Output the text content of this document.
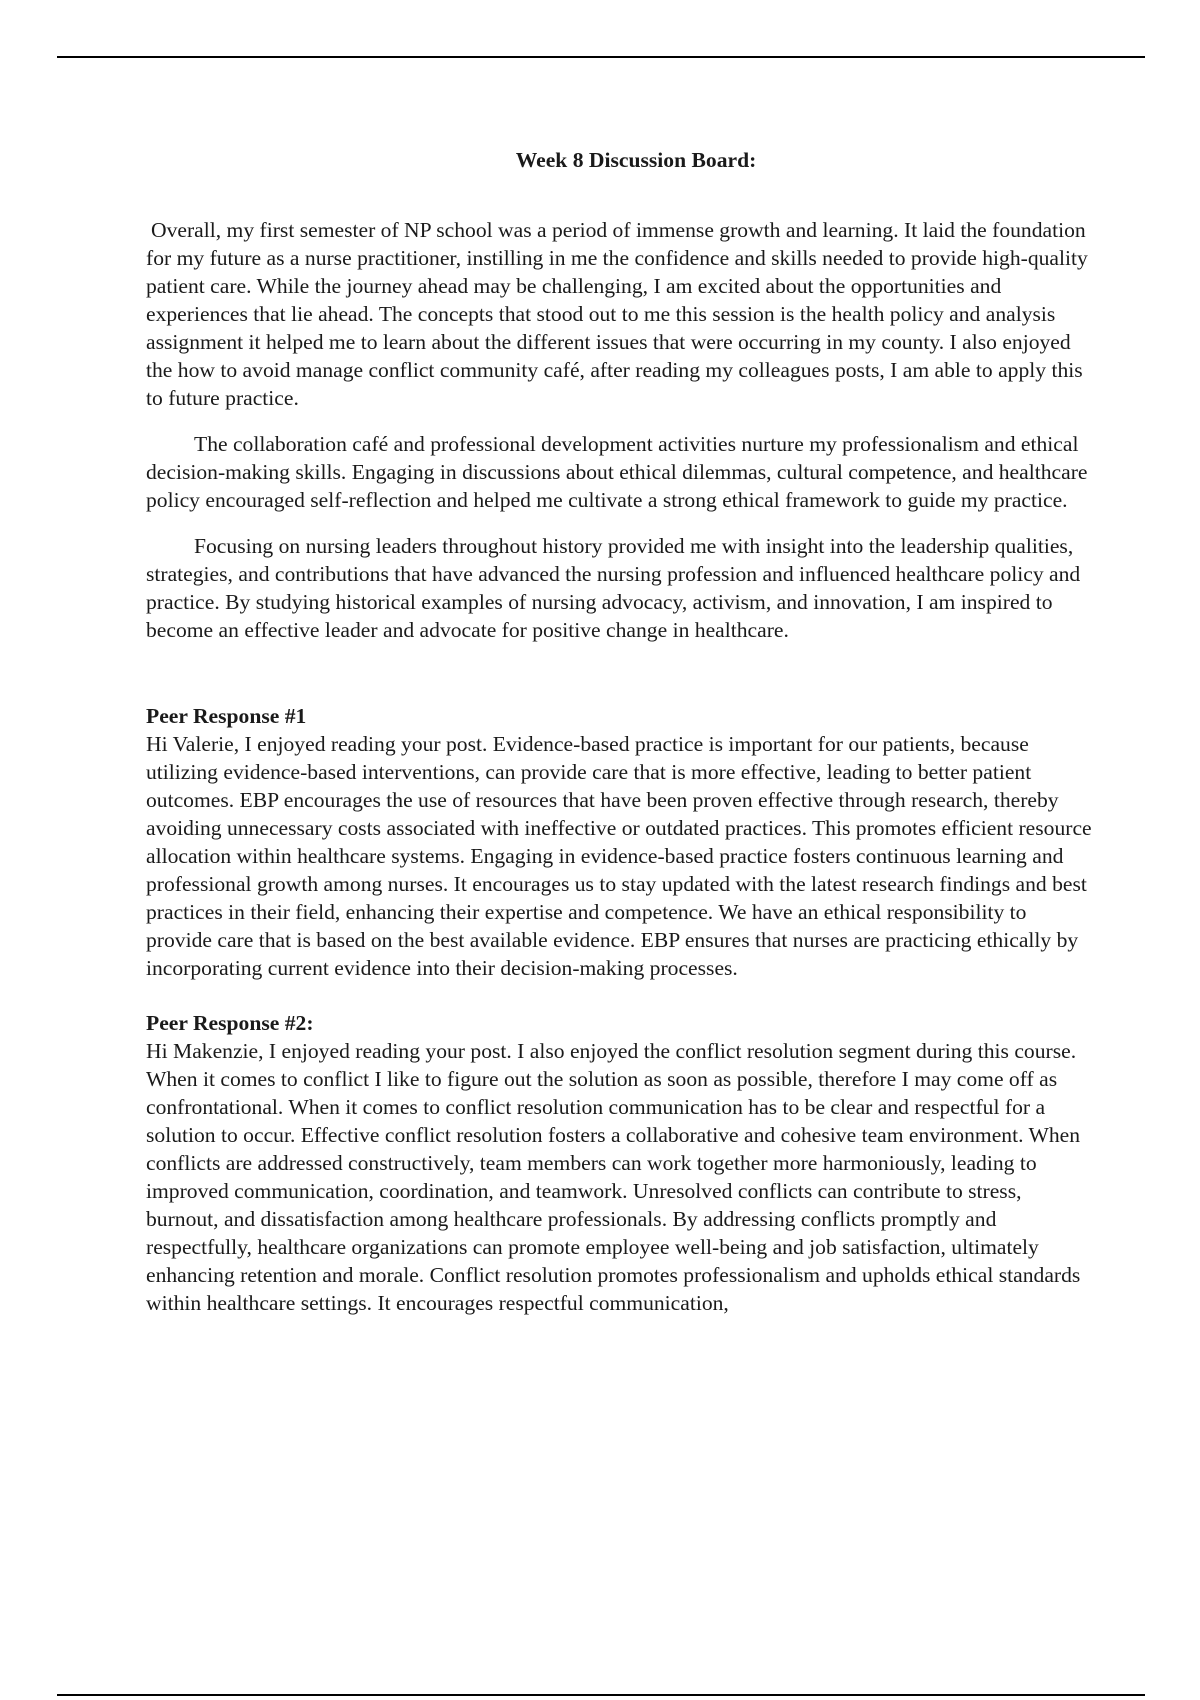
Week 8 Discussion Board:

Overall, my first semester of NP school was a period of immense growth and learning. It laid the foundation for my future as a nurse practitioner, instilling in me the confidence and skills needed to provide high-quality patient care. While the journey ahead may be challenging, I am excited about the opportunities and experiences that lie ahead. The concepts that stood out to me this session is the health policy and analysis assignment it helped me to learn about the different issues that were occurring in my county. I also enjoyed the how to avoid manage conflict community café, after reading my colleagues posts, I am able to apply this to future practice.

The collaboration café and professional development activities nurture my professionalism and ethical decision-making skills. Engaging in discussions about ethical dilemmas, cultural competence, and healthcare policy encouraged self-reflection and helped me cultivate a strong ethical framework to guide my practice.

Focusing on nursing leaders throughout history provided me with insight into the leadership qualities, strategies, and contributions that have advanced the nursing profession and influenced healthcare policy and practice. By studying historical examples of nursing advocacy, activism, and innovation, I am inspired to become an effective leader and advocate for positive change in healthcare.

Peer Response #1

Hi Valerie, I enjoyed reading your post. Evidence-based practice is important for our patients, because utilizing evidence-based interventions, can provide care that is more effective, leading to better patient outcomes. EBP encourages the use of resources that have been proven effective through research, thereby avoiding unnecessary costs associated with ineffective or outdated practices. This promotes efficient resource allocation within healthcare systems. Engaging in evidence-based practice fosters continuous learning and professional growth among nurses. It encourages us to stay updated with the latest research findings and best practices in their field, enhancing their expertise and competence. We have an ethical responsibility to provide care that is based on the best available evidence. EBP ensures that nurses are practicing ethically by incorporating current evidence into their decision-making processes.

Peer Response #2:

Hi Makenzie, I enjoyed reading your post. I also enjoyed the conflict resolution segment during this course. When it comes to conflict I like to figure out the solution as soon as possible, therefore I may come off as confrontational. When it comes to conflict resolution communication has to be clear and respectful for a solution to occur. Effective conflict resolution fosters a collaborative and cohesive team environment. When conflicts are addressed constructively, team members can work together more harmoniously, leading to improved communication, coordination, and teamwork. Unresolved conflicts can contribute to stress, burnout, and dissatisfaction among healthcare professionals. By addressing conflicts promptly and respectfully, healthcare organizations can promote employee well-being and job satisfaction, ultimately enhancing retention and morale. Conflict resolution promotes professionalism and upholds ethical standards within healthcare settings. It encourages respectful communication,
